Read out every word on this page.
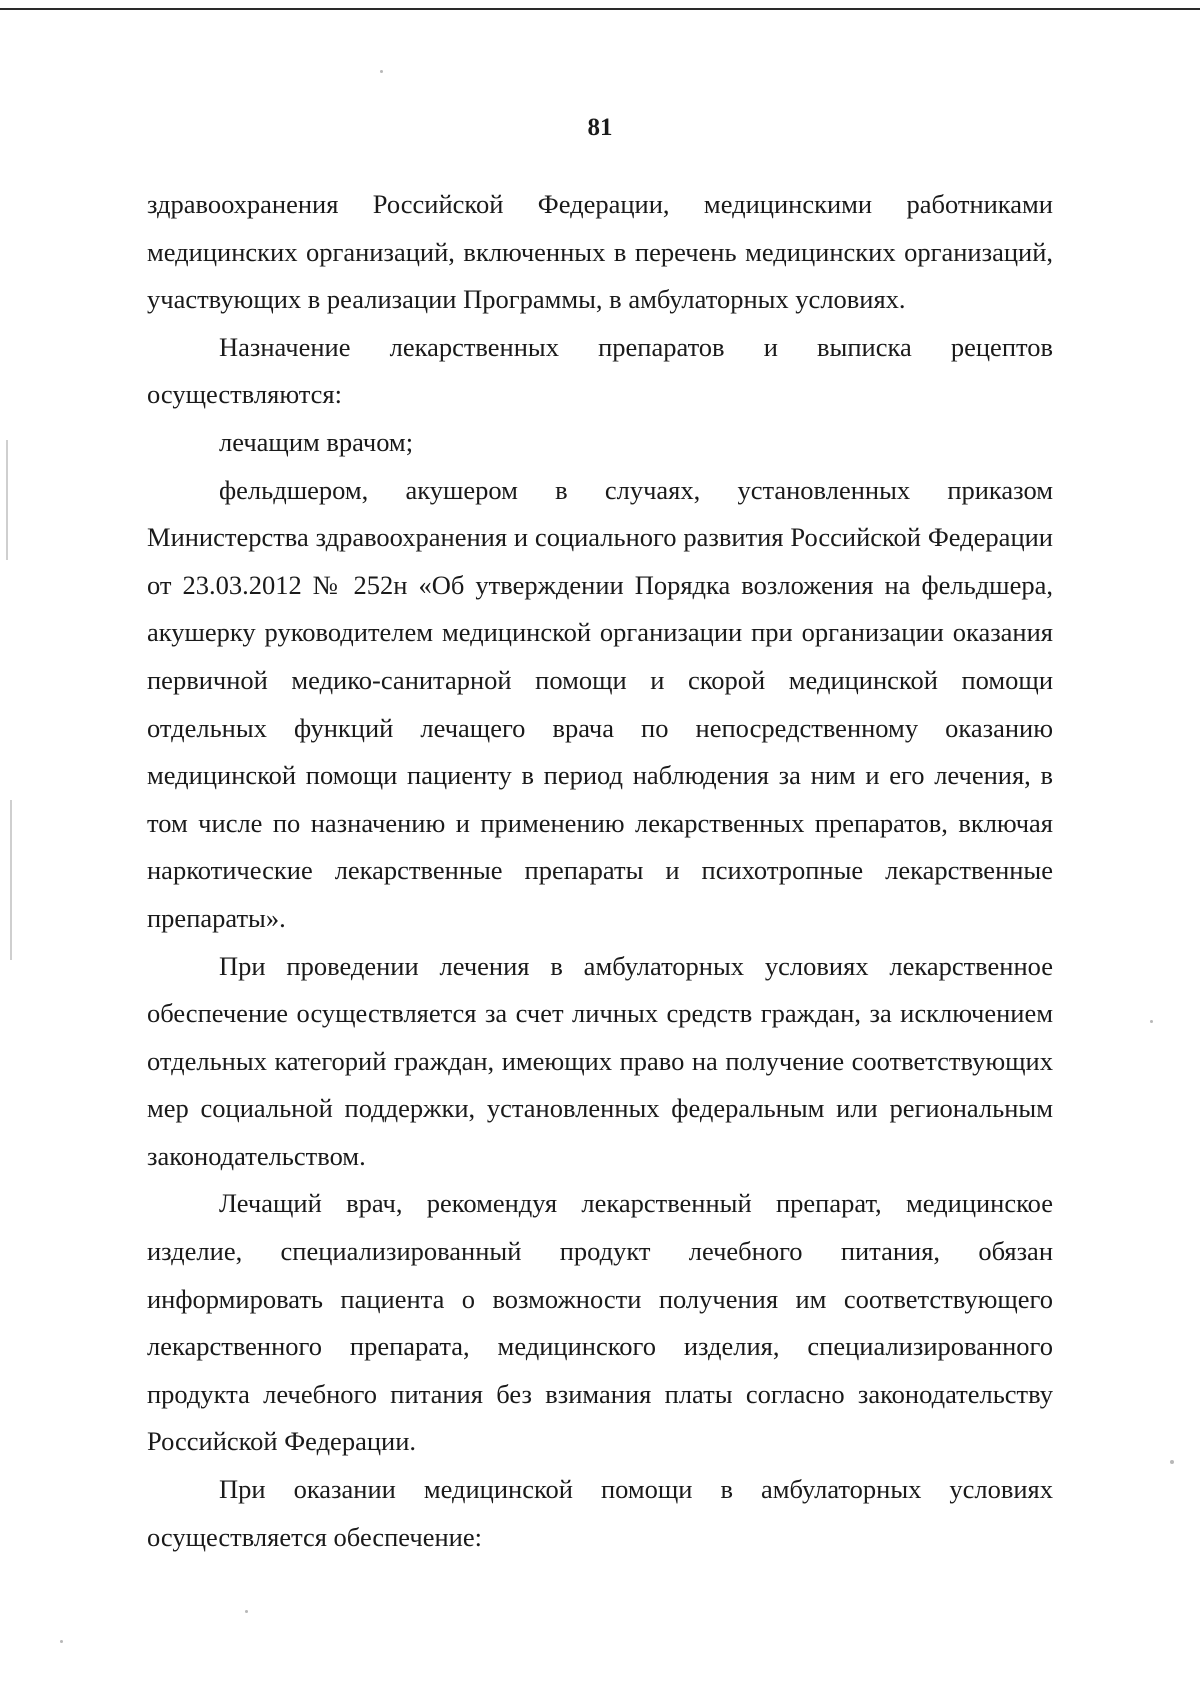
81

здравоохранения Российской Федерации, медицинскими работниками медицинских организаций, включенных в перечень медицинских организаций, участвующих в реализации Программы, в амбулаторных условиях.

Назначение лекарственных препаратов и выписка рецептов осуществляются:

лечащим врачом;

фельдшером, акушером в случаях, установленных приказом Министерства здравоохранения и социального развития Российской Федерации от 23.03.2012 № 252н «Об утверждении Порядка возложения на фельдшера, акушерку руководителем медицинской организации при организации оказания первичной медико-санитарной помощи и скорой медицинской помощи отдельных функций лечащего врача по непосредственному оказанию медицинской помощи пациенту в период наблюдения за ним и его лечения, в том числе по назначению и применению лекарственных препаратов, включая наркотические лекарственные препараты и психотропные лекарственные препараты».

При проведении лечения в амбулаторных условиях лекарственное обеспечение осуществляется за счет личных средств граждан, за исключением отдельных категорий граждан, имеющих право на получение соответствующих мер социальной поддержки, установленных федеральным или региональным законодательством.

Лечащий врач, рекомендуя лекарственный препарат, медицинское изделие, специализированный продукт лечебного питания, обязан информировать пациента о возможности получения им соответствующего лекарственного препарата, медицинского изделия, специализированного продукта лечебного питания без взимания платы согласно законодательству Российской Федерации.

При оказании медицинской помощи в амбулаторных условиях осуществляется обеспечение:
